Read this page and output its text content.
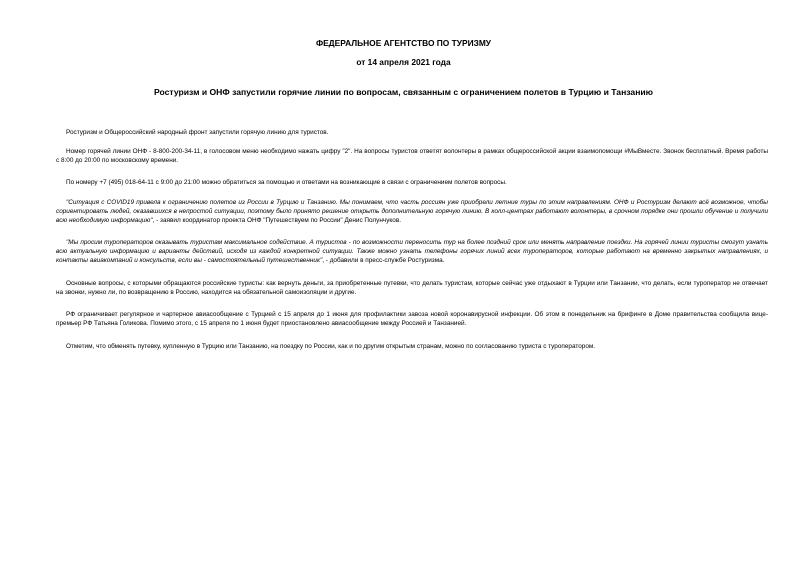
ФЕДЕРАЛЬНОЕ АГЕНТСТВО ПО ТУРИЗМУ
от 14 апреля 2021 года
Ростуризм и ОНФ запустили горячие линии по вопросам, связанным с ограничением полетов в Турцию и Танзанию

Ростуризм и Общероссийский народный фронт запустили горячую линию для туристов.

Номер горячей линии ОНФ - 8-800-200-34-11, в голосовом меню необходимо нажать цифру "2". На вопросы туристов ответят волонтеры в рамках общероссийской акции взаимопомощи #МыВместе. Звонок бесплатный. Время работы с 8:00 до 20:00 по московскому времени.

По номеру +7 (495) 018-64-11 с 9:00 до 21:00 можно обратиться за помощью и ответами на возникающие в связи с ограничением полетов вопросы.

"Ситуация с COVID19 привела к ограничению полетов из России в Турцию и Танзанию. Мы понимаем, что часть россиян уже приобрели летние туры по этим направлениям. ОНФ и Ростуризм делают всё возможное, чтобы сориентировать людей, оказавшихся в непростой ситуации, поэтому было принято решение открыть дополнительную горячую линию. В колл-центрах работают волонтеры, в срочном порядке они прошли обучение и получили всю необходимую информацию", - заявил координатор проекта ОНФ "Путешествуем по России" Денис Полунчуков.

"Мы просим туроператоров оказывать туристам максимальное содействие. А туристов - по возможности переносить тур на более поздний срок или менять направление поездки. На горячей линии туристы смогут узнать всю актуальную информацию и варианты действий, исходя из каждой конкретной ситуации. Также можно узнать телефоны горячих линий всех туроператоров, которые работают на временно закрытых направлениях, и контакты авиакомпаний и консульств, если вы - самостоятельный путешественник", - добавили в пресс-службе Ростуризма.

Основные вопросы, с которыми обращаются российские туристы: как вернуть деньги, за приобретенные путевки, что делать туристам, которые сейчас уже отдыхают в Турции или Танзании, что делать, если туроператор не отвечает на звонки, нужно ли, по возвращению в Россию, находится на обязательной самоизоляции и другие.

РФ ограничивает регулярное и чартерное авиасообщение с Турцией с 15 апреля до 1 июня для профилактики завоза новой коронавирусной инфекции. Об этом в понедельник на брифинге в Доме правительства сообщила вице-премьер РФ Татьяна Голикова. Помимо этого, с 15 апреля по 1 июня будет приостановлено авиасообщение между Россией и Танзанией.

Отметим, что обменять путевку, купленную в Турцию или Танзанию, на поездку по России, как и по другим открытым странам, можно по согласованию туриста с туроператором.
